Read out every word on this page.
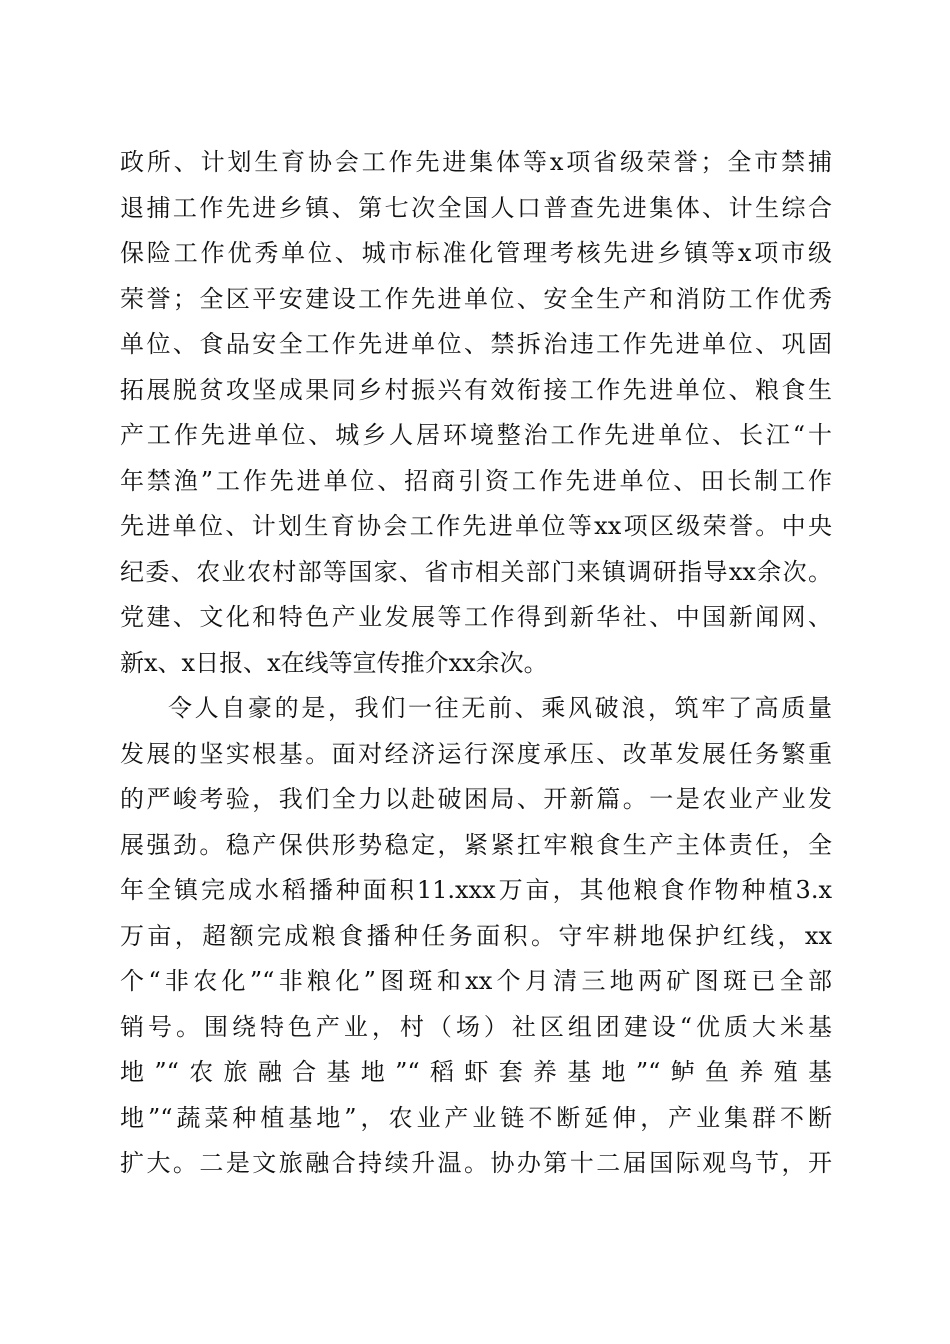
政所、计划生育协会工作先进集体等x项省级荣誉；全市禁捕
退捕工作先进乡镇、第七次全国人口普查先进集体、计生综合
保险工作优秀单位、城市标准化管理考核先进乡镇等x项市级
荣誉；全区平安建设工作先进单位、安全生产和消防工作优秀
单位、食品安全工作先进单位、禁拆治违工作先进单位、巩固
拓展脱贫攻坚成果同乡村振兴有效衔接工作先进单位、粮食生
产工作先进单位、城乡人居环境整治工作先进单位、长江“十
年禁渔”工作先进单位、招商引资工作先进单位、田长制工作
先进单位、计划生育协会工作先进单位等xx项区级荣誉。中央
纪委、农业农村部等国家、省市相关部门来镇调研指导xx余次。
党建、文化和特色产业发展等工作得到新华社、中国新闻网、
新x、x日报、x在线等宣传推介xx余次。
令人自豪的是，我们一往无前、乘风破浪，筑牢了高质量
发展的坚实根基。面对经济运行深度承压、改革发展任务繁重
的严峻考验，我们全力以赴破困局、开新篇。一是农业产业发
展强劲。稳产保供形势稳定，紧紧扛牢粮食生产主体责任，全
年全镇完成水稻播种面积11.xxx万亩，其他粮食作物种植3.x
万亩，超额完成粮食播种任务面积。守牢耕地保护红线，xx
个“非农化”“非粮化”图斑和xx个月清三地两矿图斑已全部
销号。围绕特色产业，村（场）社区组团建设“优质大米基
地”“农旅融合基地”“稻虾套养基地”“鲈鱼养殖基
地”“蔬菜种植基地”，农业产业链不断延伸，产业集群不断
扩大。二是文旅融合持续升温。协办第十二届国际观鸟节，开
